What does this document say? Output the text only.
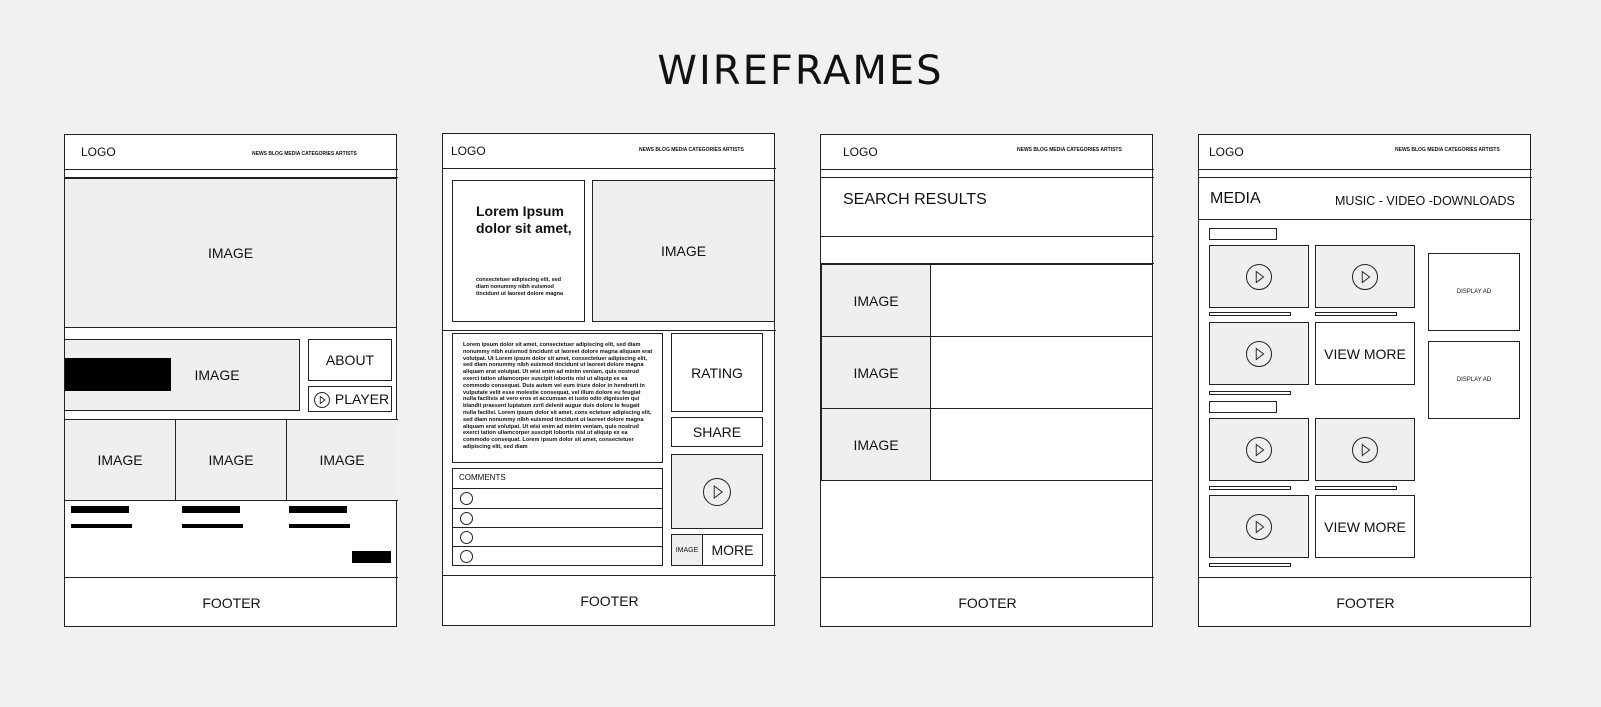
WIREFRAMES
LOGO	NEWS BLOG MEDIA CATEGORIES ARTISTS
IMAGE
IMAGE
ABOUT
PLAYER
IMAGE	IMAGE	IMAGE
FOOTER
LOGO	NEWS BLOG MEDIA CATEGORIES ARTISTS
Lorem Ipsum dolor sit amet,
consectetuer adipiscing elit, sed diam nonummy nibh euismod tincidunt ut laoreet dolore magna
IMAGE
Lorem ipsum dolor sit amet, consectetuer adipiscing elit, sed diam nonummy nibh euismod tincidunt ut laoreet dolore magna aliquam erat volutpat. Ut Lorem ipsum dolor sit amet, consectetuer adipiscing elit, sed diam nonummy nibh euismod tincidunt ut laoreet dolore magna aliquam erat volutpat. Ut wisi enim ad minim veniam, quis nostrud exerci tation ullamcorper suscipit lobortis nisl ut aliquip ex ea commodo consequat. Duis autem vel eum iriure dolor in hendrerit in vulputate velit esse molestie consequat, vel illum dolore eu feugiat nulla facilisis at vero eros et accumsan et iusto odio dignissim qui blandit praesent luptatum zzril delenit augue duis dolore te feugait nulla facilisi. Lorem ipsum dolor sit amet, cons ectetuer adipiscing elit, sed diam nonummy nibh euismod tincidunt ut laoreet dolore magna aliquam erat volutpat. Ut wisi enim ad minim veniam, quis nostrud exerci tation ullamcorper suscipit lobortis nisl ut aliquip ex ea commodo consequat. Lorem ipsum dolor sit amet, consectetuer adipiscing elit, sed diam
COMMENTS
RATING
SHARE
IMAGE MORE
FOOTER
LOGO	NEWS BLOG MEDIA CATEGORIES ARTISTS
SEARCH RESULTS
IMAGE
IMAGE
IMAGE
FOOTER
LOGO	NEWS BLOG MEDIA CATEGORIES ARTISTS
MEDIA	MUSIC - VIDEO -DOWNLOADS
VIEW MORE
VIEW MORE
DISPLAY AD
DISPLAY AD
FOOTER
